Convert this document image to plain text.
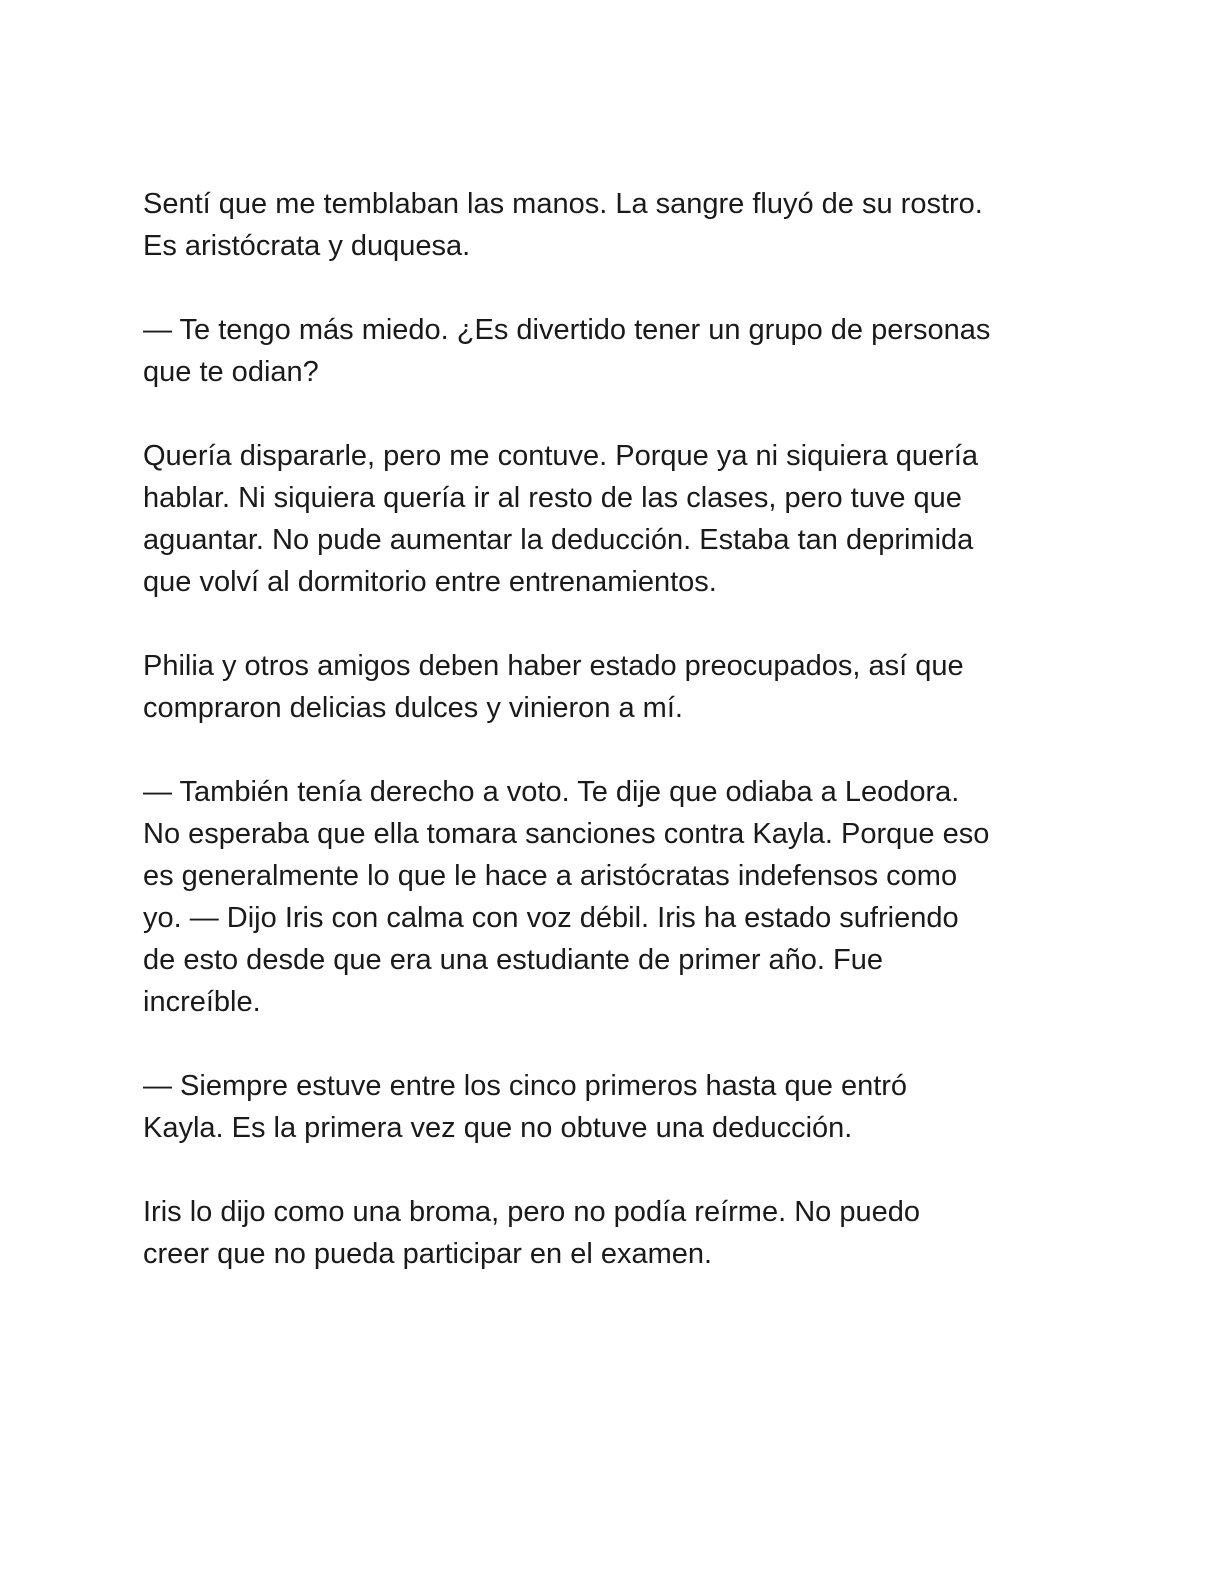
Sentí que me temblaban las manos. La sangre fluyó de su rostro.
Es aristócrata y duquesa.

— Te tengo más miedo. ¿Es divertido tener un grupo de personas
que te odian?

Quería dispararle, pero me contuve. Porque ya ni siquiera quería
hablar. Ni siquiera quería ir al resto de las clases, pero tuve que
aguantar. No pude aumentar la deducción. Estaba tan deprimida
que volví al dormitorio entre entrenamientos.

Philia y otros amigos deben haber estado preocupados, así que
compraron delicias dulces y vinieron a mí.

— También tenía derecho a voto. Te dije que odiaba a Leodora.
No esperaba que ella tomara sanciones contra Kayla. Porque eso
es generalmente lo que le hace a aristócratas indefensos como
yo. — Dijo Iris con calma con voz débil. Iris ha estado sufriendo
de esto desde que era una estudiante de primer año. Fue
increíble.

— Siempre estuve entre los cinco primeros hasta que entró
Kayla. Es la primera vez que no obtuve una deducción.

Iris lo dijo como una broma, pero no podía reírme. No puedo
creer que no pueda participar en el examen.
